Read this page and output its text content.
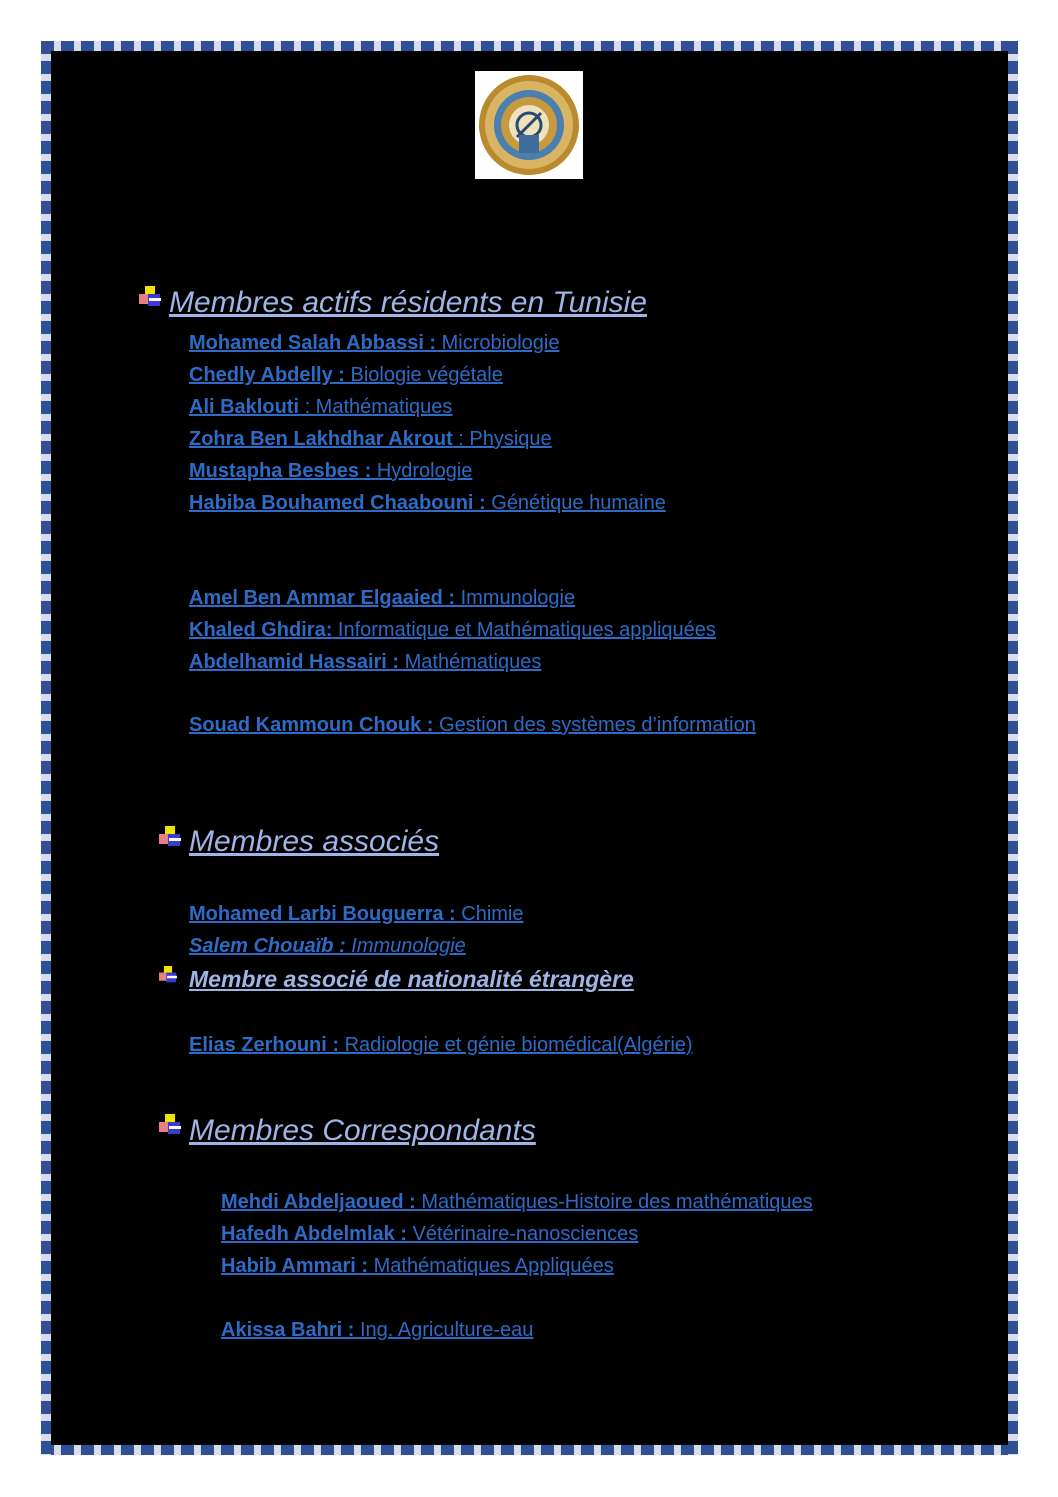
Membres actifs résidents en Tunisie
Mohamed Salah Abbassi : Microbiologie
Chedly Abdelly : Biologie végétale
Ali Baklouti : Mathématiques
Zohra Ben Lakhdhar Akrout : Physique
Mustapha Besbes : Hydrologie
Habiba Bouhamed Chaabouni : Génétique humaine
Amel Ben Ammar Elgaaied : Immunologie
Khaled Ghdira: Informatique et Mathématiques appliquées
Abdelhamid Hassairi : Mathématiques
Souad Kammoun Chouk : Gestion des systèmes d’information
Membres associés
Mohamed Larbi Bouguerra : Chimie
Salem Chouaïb : Immunologie
Membre associé de nationalité étrangère
Elias Zerhouni : Radiologie et génie biomédical(Algérie)
Membres Correspondants
Mehdi Abdeljaoued : Mathématiques-Histoire des mathématiques
Hafedh Abdelmlak : Vétérinaire-nanosciences
Habib Ammari : Mathématiques Appliquées
Akissa Bahri : Ing. Agriculture-eau
